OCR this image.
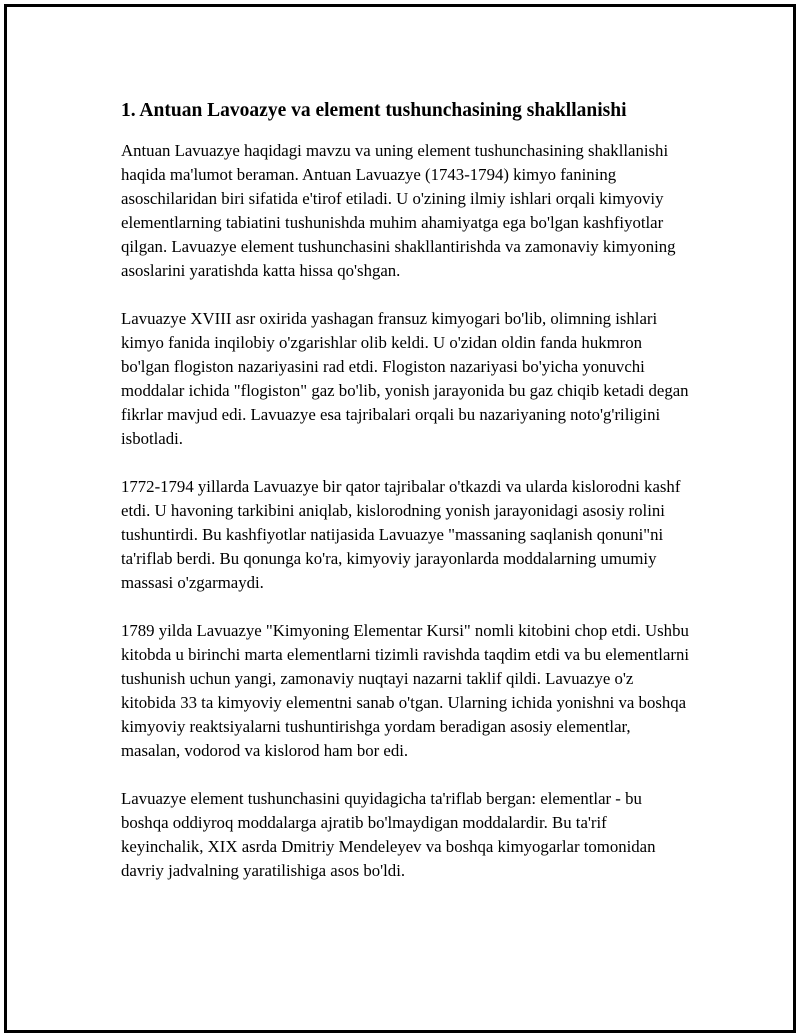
1. Antuan Lavoazye va element tushunchasining shakllanishi

Antuan Lavuazye haqidagi mavzu va uning element tushunchasining shakllanishi haqida ma'lumot beraman. Antuan Lavuazye (1743-1794) kimyo fanining asoschilaridan biri sifatida e'tirof etiladi. U o'zining ilmiy ishlari orqali kimyoviy elementlarning tabiatini tushunishda muhim ahamiyatga ega bo'lgan kashfiyotlar qilgan. Lavuazye element tushunchasini shakllantirishda va zamonaviy kimyoning asoslarini yaratishda katta hissa qo'shgan.

Lavuazye XVIII asr oxirida yashagan fransuz kimyogari bo'lib, olimning ishlari kimyo fanida inqilobiy o'zgarishlar olib keldi. U o'zidan oldin fanda hukmron bo'lgan flogiston nazariyasini rad etdi. Flogiston nazariyasi bo'yicha yonuvchi moddalar ichida "flogiston" gaz bo'lib, yonish jarayonida bu gaz chiqib ketadi degan fikrlar mavjud edi. Lavuazye esa tajribalari orqali bu nazariyaning noto'g'riligini isbotladi.

1772-1794 yillarda Lavuazye bir qator tajribalar o'tkazdi va ularda kislorodni kashf etdi. U havoning tarkibini aniqlab, kislorodning yonish jarayonidagi asosiy rolini tushuntirdi. Bu kashfiyotlar natijasida Lavuazye "massaning saqlanish qonuni"ni ta'riflab berdi. Bu qonunga ko'ra, kimyoviy jarayonlarda moddalarning umumiy massasi o'zgarmaydi.

1789 yilda Lavuazye "Kimyoning Elementar Kursi" nomli kitobini chop etdi. Ushbu kitobda u birinchi marta elementlarni tizimli ravishda taqdim etdi va bu elementlarni tushunish uchun yangi, zamonaviy nuqtayi nazarni taklif qildi. Lavuazye o'z kitobida 33 ta kimyoviy elementni sanab o'tgan. Ularning ichida yonishni va boshqa kimyoviy reaktsiyalarni tushuntirishga yordam beradigan asosiy elementlar, masalan, vodorod va kislorod ham bor edi.

Lavuazye element tushunchasini quyidagicha ta'riflab bergan: elementlar - bu boshqa oddiyroq moddalarga ajratib bo'lmaydigan moddalardir. Bu ta'rif keyinchalik, XIX asrda Dmitriy Mendeleyev va boshqa kimyogarlar tomonidan davriy jadvalning yaratilishiga asos bo'ldi.
